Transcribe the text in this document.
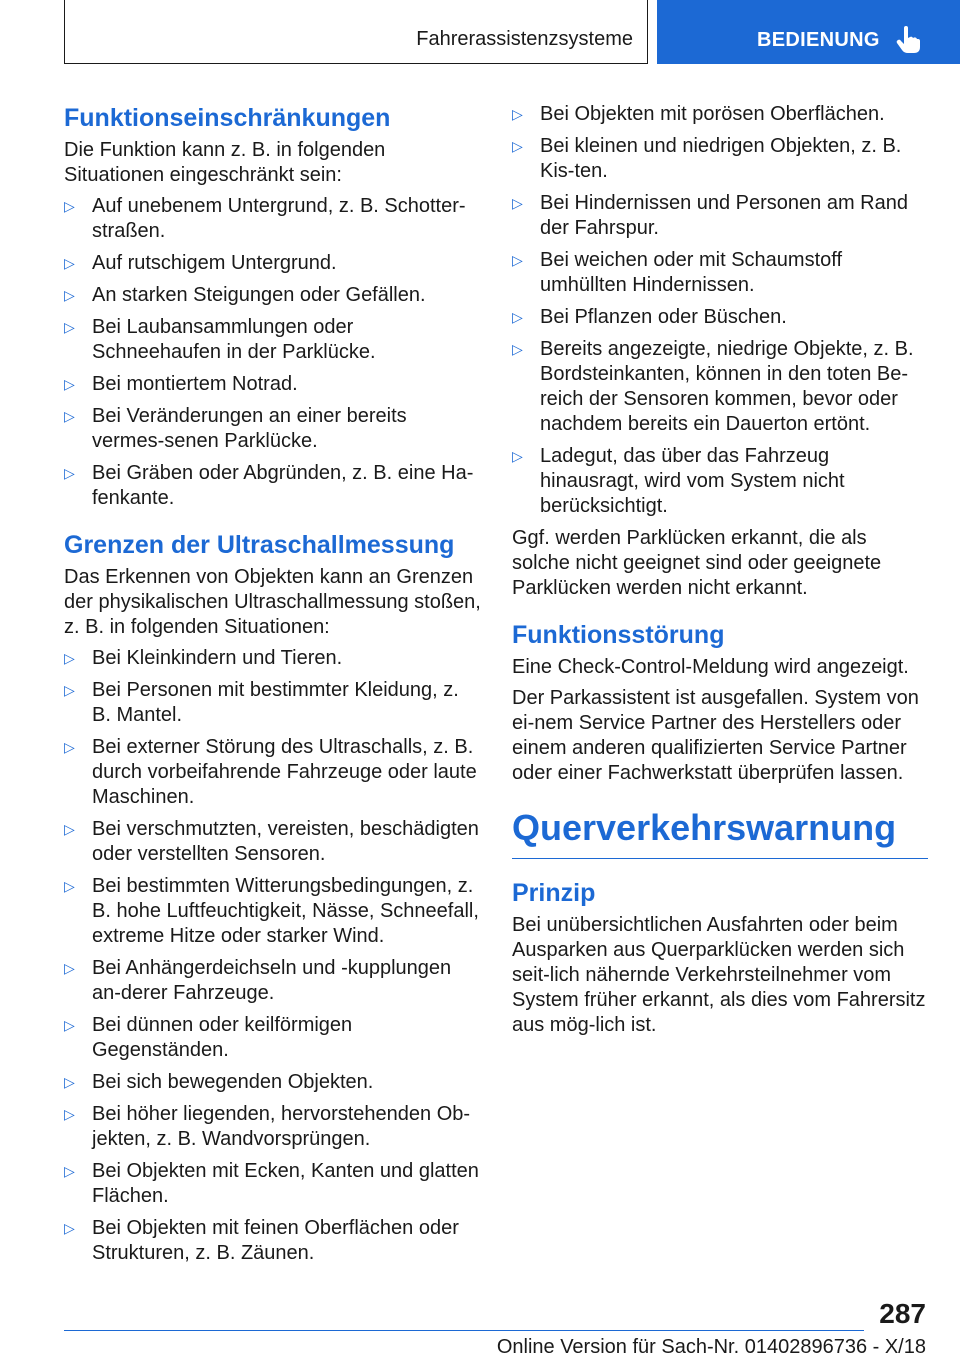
Fahrerassistenzsysteme	BEDIENUNG
Funktionseinschränkungen

Die Funktion kann z. B. in folgenden Situationen eingeschränkt sein:

▷ Auf unebenem Untergrund, z. B. Schotter-straßen.
▷ Auf rutschigem Untergrund.
▷ An starken Steigungen oder Gefällen.
▷ Bei Laubansammlungen oder Schneehaufen in der Parklücke.
▷ Bei montiertem Notrad.
▷ Bei Veränderungen an einer bereits vermes-senen Parklücke.
▷ Bei Gräben oder Abgründen, z. B. eine Ha-fenkante.
Grenzen der Ultraschallmessung

Das Erkennen von Objekten kann an Grenzen der physikalischen Ultraschallmessung stoßen, z. B. in folgenden Situationen:

▷ Bei Kleinkindern und Tieren.
▷ Bei Personen mit bestimmter Kleidung, z. B. Mantel.
▷ Bei externer Störung des Ultraschalls, z. B. durch vorbeifahrende Fahrzeuge oder laute Maschinen.
▷ Bei verschmutzten, vereisten, beschädigten oder verstellten Sensoren.
▷ Bei bestimmten Witterungsbedingungen, z. B. hohe Luftfeuchtigkeit, Nässe, Schneefall, extreme Hitze oder starker Wind.
▷ Bei Anhängerdeichseln und -kupplungen an-derer Fahrzeuge.
▷ Bei dünnen oder keilförmigen Gegenständen.
▷ Bei sich bewegenden Objekten.
▷ Bei höher liegenden, hervorstehenden Ob-jekten, z. B. Wandvorsprüngen.
▷ Bei Objekten mit Ecken, Kanten und glatten Flächen.
▷ Bei Objekten mit feinen Oberflächen oder Strukturen, z. B. Zäunen.
▷ Bei Objekten mit porösen Oberflächen.
▷ Bei kleinen und niedrigen Objekten, z. B. Kis-ten.
▷ Bei Hindernissen und Personen am Rand der Fahrspur.
▷ Bei weichen oder mit Schaumstoff umhüllten Hindernissen.
▷ Bei Pflanzen oder Büschen.
▷ Bereits angezeigte, niedrige Objekte, z. B. Bordsteinkanten, können in den toten Be-reich der Sensoren kommen, bevor oder nachdem bereits ein Dauerton ertönt.
▷ Ladegut, das über das Fahrzeug hinausragt, wird vom System nicht berücksichtigt.

Ggf. werden Parklücken erkannt, die als solche nicht geeignet sind oder geeignete Parklücken werden nicht erkannt.

Funktionsstörung

Eine Check-Control-Meldung wird angezeigt.

Der Parkassistent ist ausgefallen. System von ei-nem Service Partner des Herstellers oder einem anderen qualifizierten Service Partner oder einer Fachwerkstatt überprüfen lassen.

Querverkehrswarnung
Prinzip

Bei unübersichtlichen Ausfahrten oder beim Ausparken aus Querparklücken werden sich seit-lich nähernde Verkehrsteilnehmer vom System früher erkannt, als dies vom Fahrersitz aus mög-lich ist.

287
Online Version für Sach-Nr. 01402896736 - X/18
